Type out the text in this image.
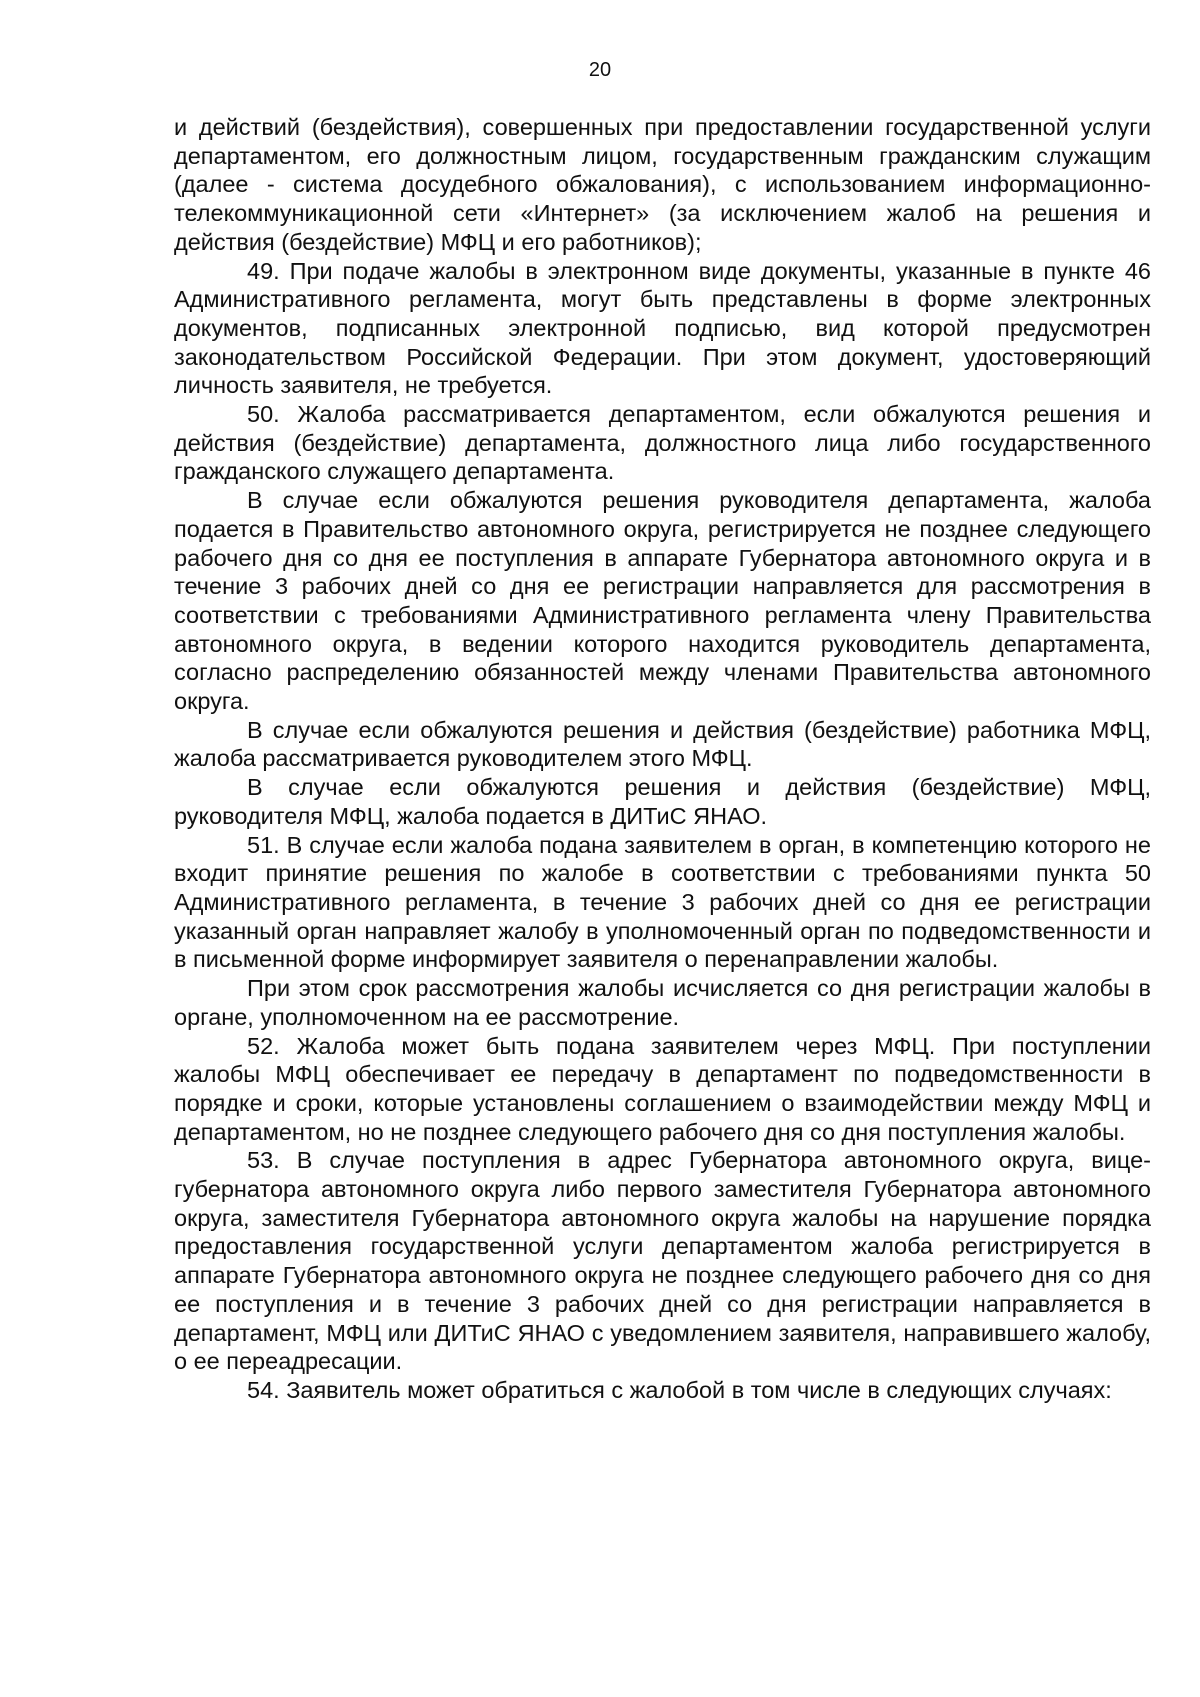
20

и действий (бездействия), совершенных при предоставлении государственной услуги департаментом, его должностным лицом, государственным гражданским служащим (далее - система досудебного обжалования), с использованием информационно-телекоммуникационной сети «Интернет» (за исключением жалоб на решения и действия (бездействие) МФЦ и его работников);

49. При подаче жалобы в электронном виде документы, указанные в пункте 46 Административного регламента, могут быть представлены в форме электронных документов, подписанных электронной подписью, вид которой предусмотрен законодательством Российской Федерации. При этом документ, удостоверяющий личность заявителя, не требуется.

50. Жалоба рассматривается департаментом, если обжалуются решения и действия (бездействие) департамента, должностного лица либо государственного гражданского служащего департамента.

В случае если обжалуются решения руководителя департамента, жалоба подается в Правительство автономного округа, регистрируется не позднее следующего рабочего дня со дня ее поступления в аппарате Губернатора автономного округа и в течение 3 рабочих дней со дня ее регистрации направляется для рассмотрения в соответствии с требованиями Административного регламента члену Правительства автономного округа, в ведении которого находится руководитель департамента, согласно распределению обязанностей между членами Правительства автономного округа.

В случае если обжалуются решения и действия (бездействие) работника МФЦ, жалоба рассматривается руководителем этого МФЦ.

В случае если обжалуются решения и действия (бездействие) МФЦ, руководителя МФЦ, жалоба подается в ДИТиС ЯНАО.

51. В случае если жалоба подана заявителем в орган, в компетенцию которого не входит принятие решения по жалобе в соответствии с требованиями пункта 50 Административного регламента, в течение 3 рабочих дней со дня ее регистрации указанный орган направляет жалобу в уполномоченный орган по подведомственности и в письменной форме информирует заявителя о перенаправлении жалобы.

При этом срок рассмотрения жалобы исчисляется со дня регистрации жалобы в органе, уполномоченном на ее рассмотрение.

52. Жалоба может быть подана заявителем через МФЦ. При поступлении жалобы МФЦ обеспечивает ее передачу в департамент по подведомственности в порядке и сроки, которые установлены соглашением о взаимодействии между МФЦ и департаментом, но не позднее следующего рабочего дня со дня поступления жалобы.

53. В случае поступления в адрес Губернатора автономного округа, вице-губернатора автономного округа либо первого заместителя Губернатора автономного округа, заместителя Губернатора автономного округа жалобы на нарушение порядка предоставления государственной услуги департаментом жалоба регистрируется в аппарате Губернатора автономного округа не позднее следующего рабочего дня со дня ее поступления и в течение 3 рабочих дней со дня регистрации направляется в департамент, МФЦ или ДИТиС ЯНАО с уведомлением заявителя, направившего жалобу, о ее переадресации.

54. Заявитель может обратиться с жалобой в том числе в следующих случаях:
